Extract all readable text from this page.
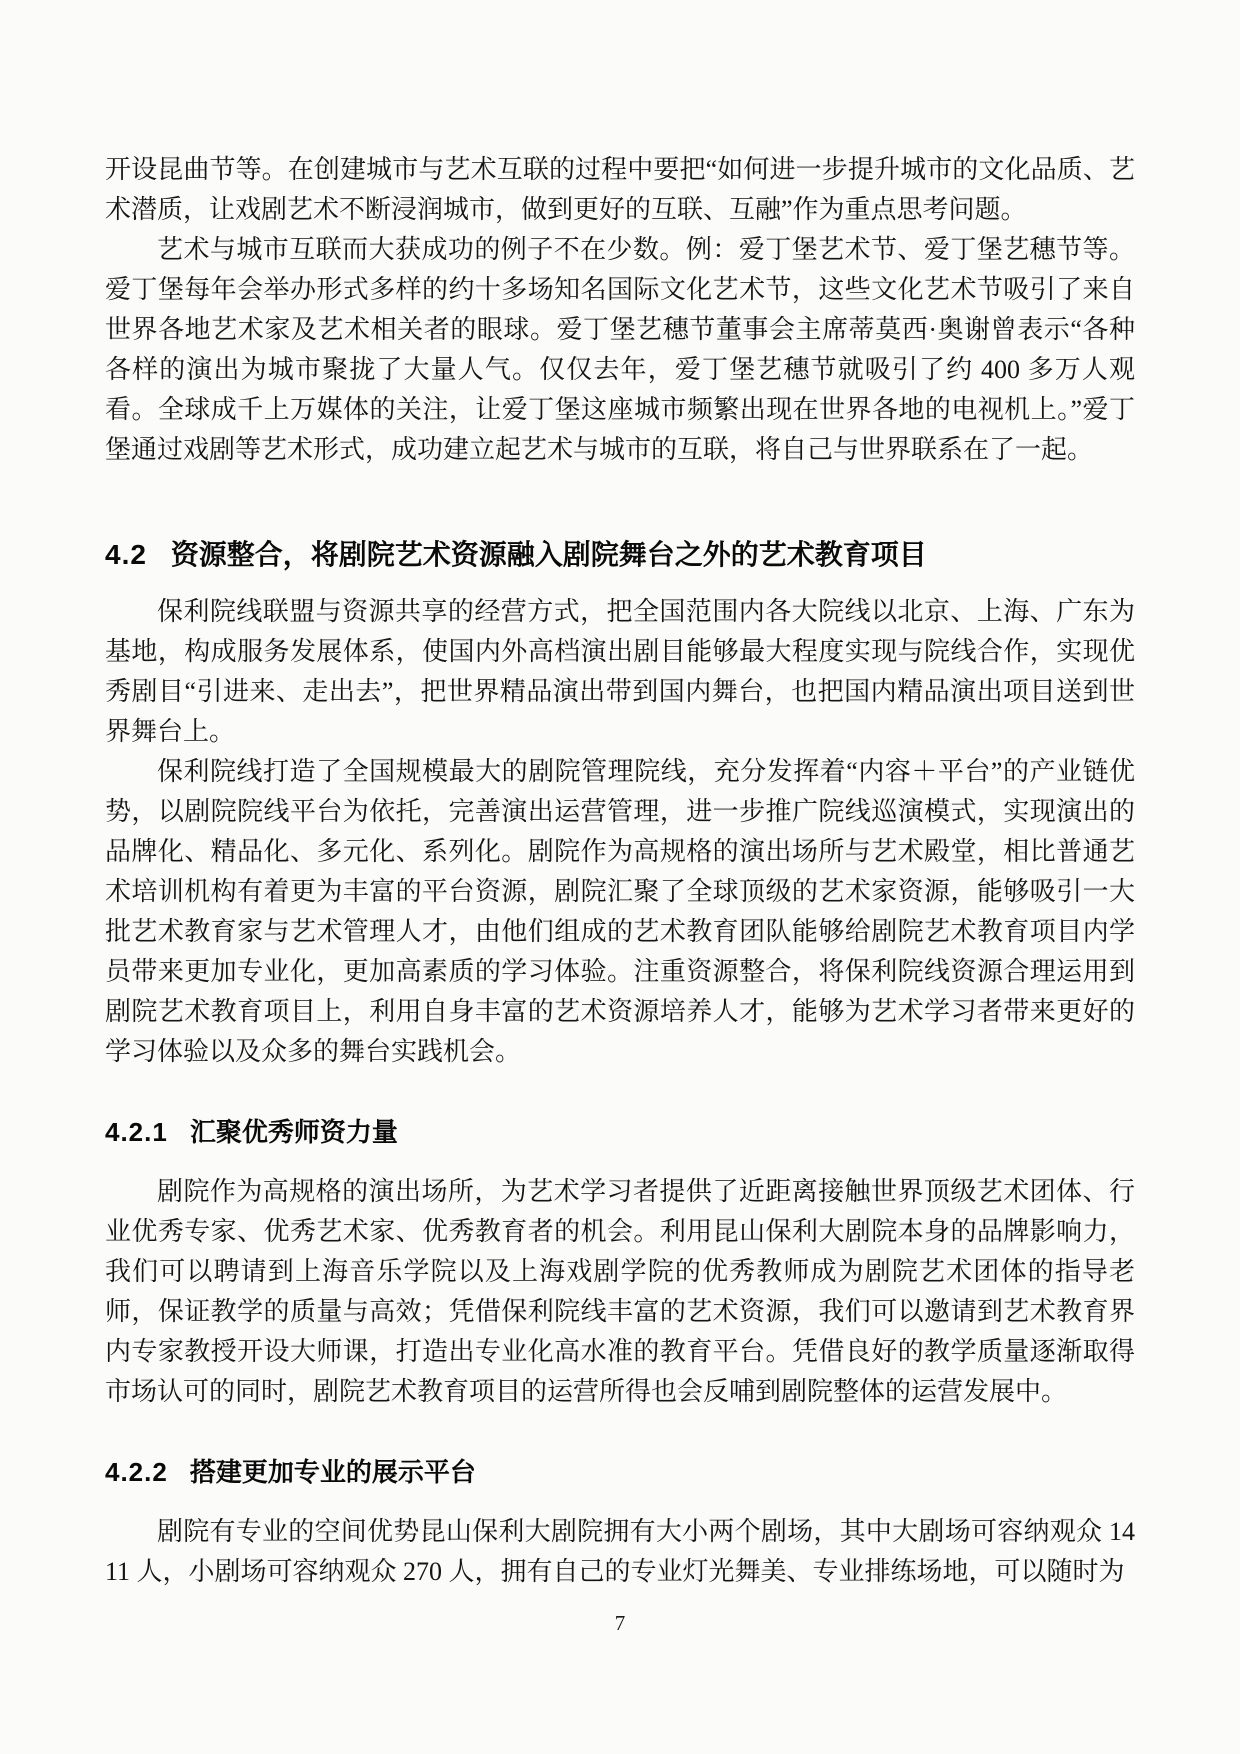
开设昆曲节等。在创建城市与艺术互联的过程中要把“如何进一步提升城市的文化品质、艺术潜质，让戏剧艺术不断浸润城市，做到更好的互联、互融”作为重点思考问题。

艺术与城市互联而大获成功的例子不在少数。例：爱丁堡艺术节、爱丁堡艺穗节等。爱丁堡每年会举办形式多样的约十多场知名国际文化艺术节，这些文化艺术节吸引了来自世界各地艺术家及艺术相关者的眼球。爱丁堡艺穗节董事会主席蒂莫西·奥谢曾表示“各种各样的演出为城市聚拢了大量人气。仅仅去年，爱丁堡艺穗节就吸引了约 400 多万人观看。全球成千上万媒体的关注，让爱丁堡这座城市频繁出现在世界各地的电视机上。”爱丁堡通过戏剧等艺术形式，成功建立起艺术与城市的互联，将自己与世界联系在了一起。

4.2 资源整合，将剧院艺术资源融入剧院舞台之外的艺术教育项目

保利院线联盟与资源共享的经营方式，把全国范围内各大院线以北京、上海、广东为基地，构成服务发展体系，使国内外高档演出剧目能够最大程度实现与院线合作，实现优秀剧目“引进来、走出去”，把世界精品演出带到国内舞台，也把国内精品演出项目送到世界舞台上。

保利院线打造了全国规模最大的剧院管理院线，充分发挥着“内容＋平台”的产业链优势，以剧院院线平台为依托，完善演出运营管理，进一步推广院线巡演模式，实现演出的品牌化、精品化、多元化、系列化。剧院作为高规格的演出场所与艺术殿堂，相比普通艺术培训机构有着更为丰富的平台资源，剧院汇聚了全球顶级的艺术家资源，能够吸引一大批艺术教育家与艺术管理人才，由他们组成的艺术教育团队能够给剧院艺术教育项目内学员带来更加专业化，更加高素质的学习体验。注重资源整合，将保利院线资源合理运用到剧院艺术教育项目上，利用自身丰富的艺术资源培养人才，能够为艺术学习者带来更好的学习体验以及众多的舞台实践机会。

4.2.1 汇聚优秀师资力量

剧院作为高规格的演出场所，为艺术学习者提供了近距离接触世界顶级艺术团体、行业优秀专家、优秀艺术家、优秀教育者的机会。利用昆山保利大剧院本身的品牌影响力，我们可以聘请到上海音乐学院以及上海戏剧学院的优秀教师成为剧院艺术团体的指导老师，保证教学的质量与高效；凭借保利院线丰富的艺术资源，我们可以邀请到艺术教育界内专家教授开设大师课，打造出专业化高水准的教育平台。凭借良好的教学质量逐渐取得市场认可的同时，剧院艺术教育项目的运营所得也会反哺到剧院整体的运营发展中。

4.2.2 搭建更加专业的展示平台

剧院有专业的空间优势昆山保利大剧院拥有大小两个剧场，其中大剧场可容纳观众 1411 人，小剧场可容纳观众 270 人，拥有自己的专业灯光舞美、专业排练场地，可以随时为

7
